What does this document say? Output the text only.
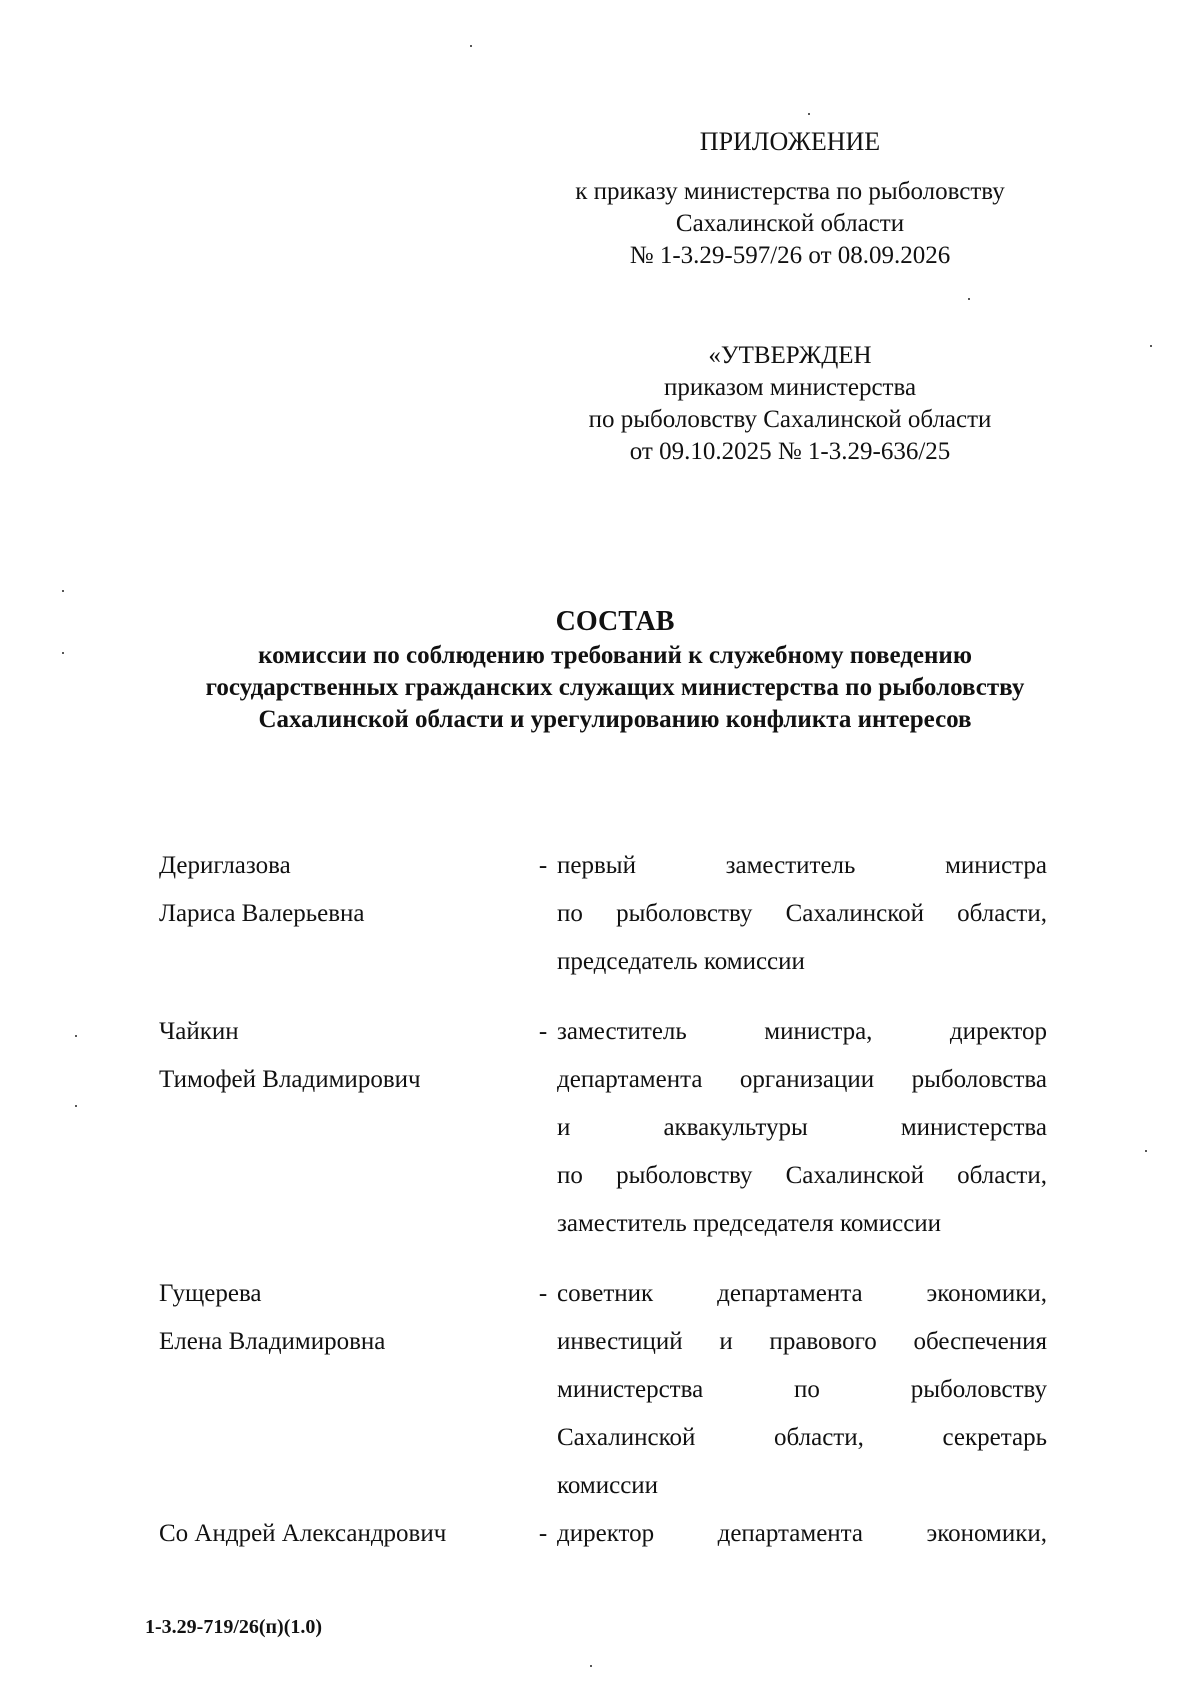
ПРИЛОЖЕНИЕ
к приказу министерства по рыболовству
Сахалинской области
№ 1-3.29-597/26 от 08.09.2026
«УТВЕРЖДЕН
приказом министерства
по рыболовству Сахалинской области
от 09.10.2025 № 1-3.29-636/25
СОСТАВ
комиссии по соблюдению требований к служебному поведению
государственных гражданских служащих министерства по рыболовству
Сахалинской области и урегулированию конфликта интересов
Дериглазова
Лариса Валерьевна
- первый заместитель министра
по рыболовству Сахалинской области,
председатель комиссии
Чайкин
Тимофей Владимирович
- заместитель министра, директор
департамента организации рыболовства
и аквакультуры министерства
по рыболовству Сахалинской области,
заместитель председателя комиссии
Гущерева
Елена Владимировна
- советник департамента экономики,
инвестиций и правового обеспечения
министерства по рыболовству
Сахалинской области, секретарь
комиссии
Со Андрей Александрович	- директор департамента экономики,
1-3.29-719/26(п)(1.0)
